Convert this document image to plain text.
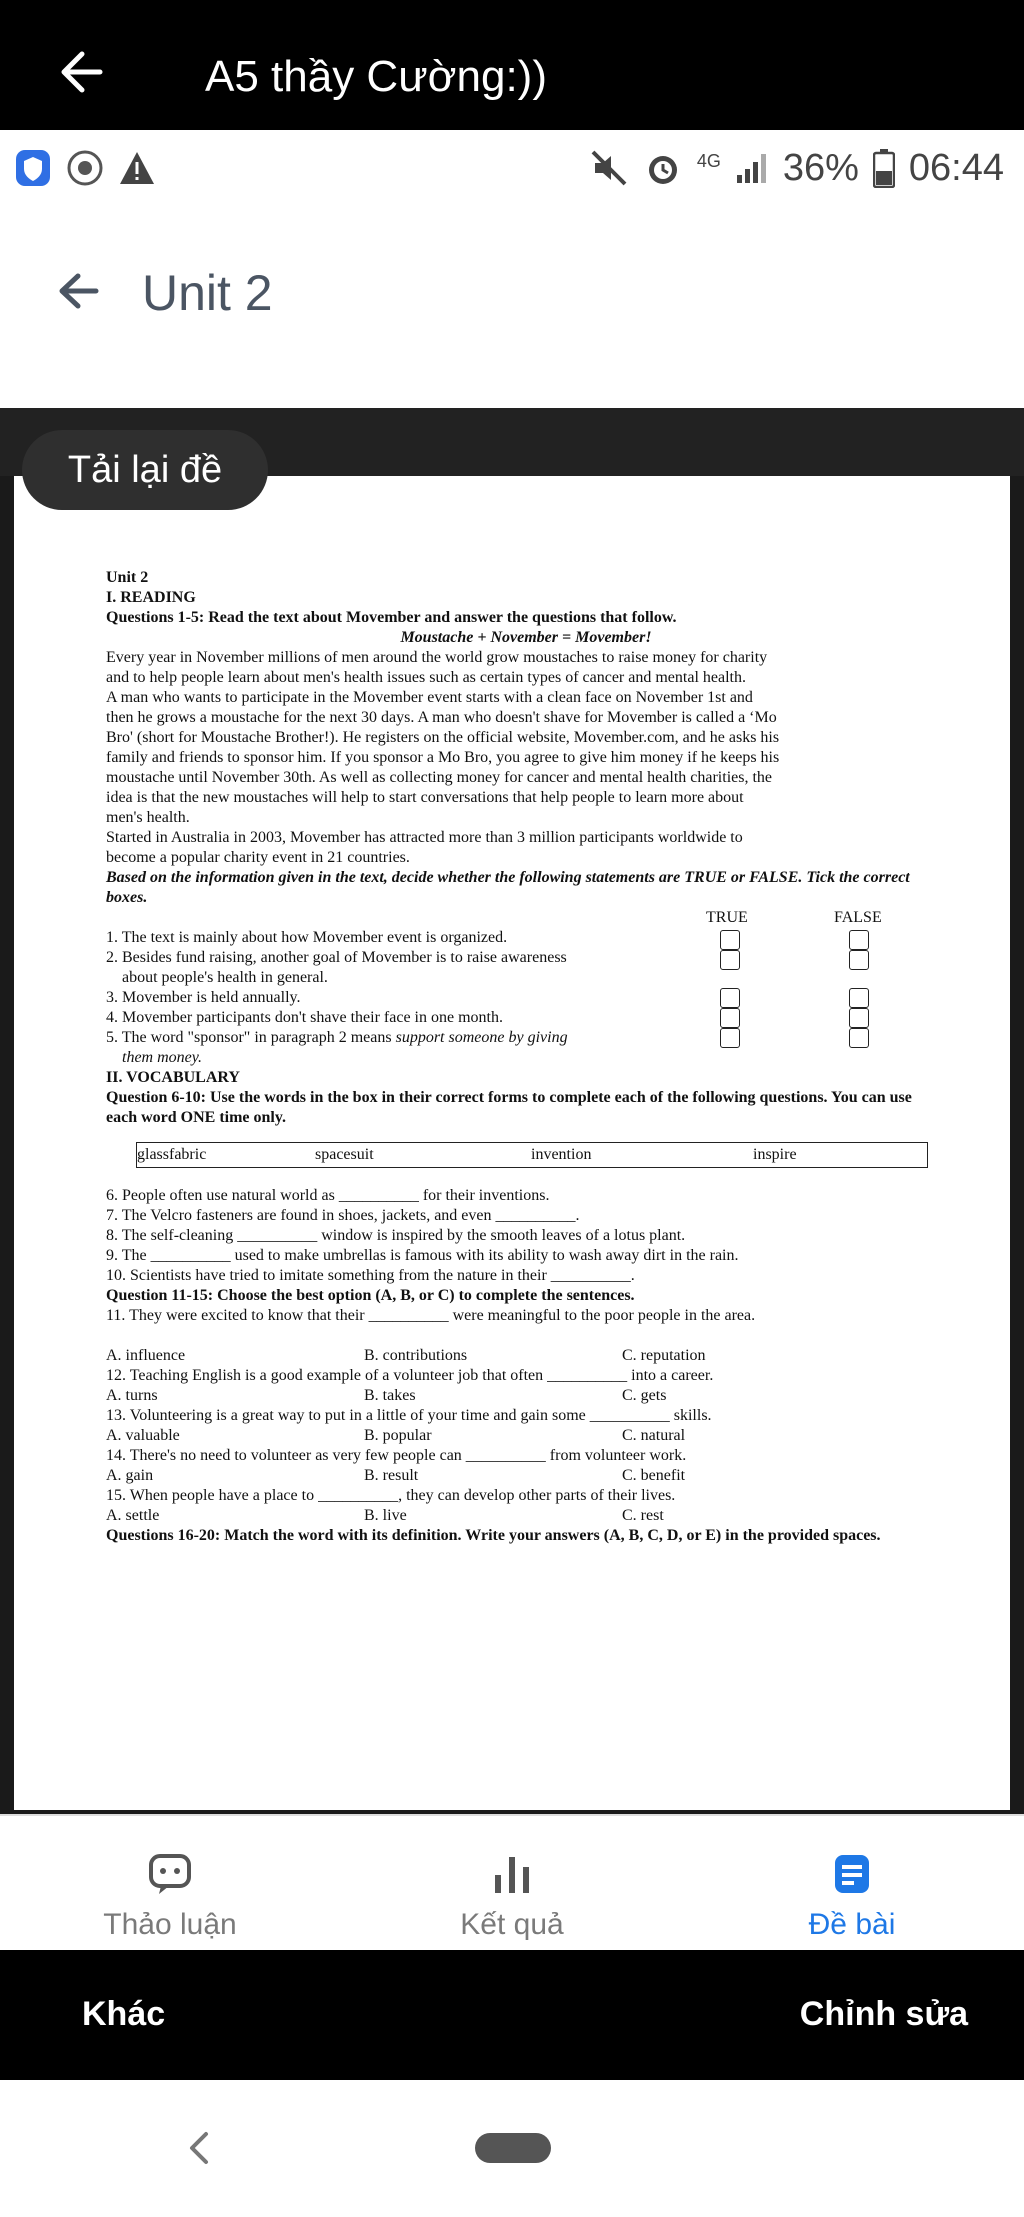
A5 thầy Cường:))
4G 36% 06:44
Unit 2
Tải lại đề

Unit 2

I. READING

Questions 1-5: Read the text about Movember and answer the questions that follow.

Moustache + November = Movember!

Every year in November millions of men around the world grow moustaches to raise money for charity

and to help people learn about men's health issues such as certain types of cancer and mental health.

A man who wants to participate in the Movember event starts with a clean face on November 1st and

then he grows a moustache for the next 30 days. A man who doesn't shave for Movember is called a ‘Mo

Bro' (short for Moustache Brother!). He registers on the official website, Movember.com, and he asks his

family and friends to sponsor him. If you sponsor a Mo Bro, you agree to give him money if he keeps his

moustache until November 30th. As well as collecting money for cancer and mental health charities, the

idea is that the new moustaches will help to start conversations that help people to learn more about

men's health.

Started in Australia in 2003, Movember has attracted more than 3 million participants worldwide to

become a popular charity event in 21 countries.

Based on the information given in the text, decide whether the following statements are TRUE or FALSE. Tick the correct boxes.

TRUE	FALSE

1. The text is mainly about how Movember event is organized.

2. Besides fund raising, another goal of Movember is to raise awareness

about people's health in general.

3. Movember is held annually.

4. Movember participants don't shave their face in one month.

5. The word "sponsor" in paragraph 2 means support someone by giving

them money.

II. VOCABULARY

Question 6-10: Use the words in the box in their correct forms to complete each of the following questions. You can use each word ONE time only.

glassfabric	spacesuit	invention	inspire

6. People often use natural world as __________ for their inventions.

7. The Velcro fasteners are found in shoes, jackets, and even __________.

8. The self-cleaning __________ window is inspired by the smooth leaves of a lotus plant.

9. The __________ used to make umbrellas is famous with its ability to wash away dirt in the rain.

10. Scientists have tried to imitate something from the nature in their __________.

Question 11-15: Choose the best option (A, B, or C) to complete the sentences.

11. They were excited to know that their __________ were meaningful to the poor people in the area.

A. influence	B. contributions	C. reputation

12. Teaching English is a good example of a volunteer job that often __________ into a career.

A. turns	B. takes	C. gets

13. Volunteering is a great way to put in a little of your time and gain some __________ skills.

A. valuable	B. popular	C. natural

14. There's no need to volunteer as very few people can __________ from volunteer work.

A. gain	B. result	C. benefit

15. When people have a place to __________, they can develop other parts of their lives.

A. settle	B. live	C. rest

Questions 16-20: Match the word with its definition. Write your answers (A, B, C, D, or E) in the provided spaces.

Thảo luận	Kết quả	Đề bài
Khác	Chỉnh sửa
